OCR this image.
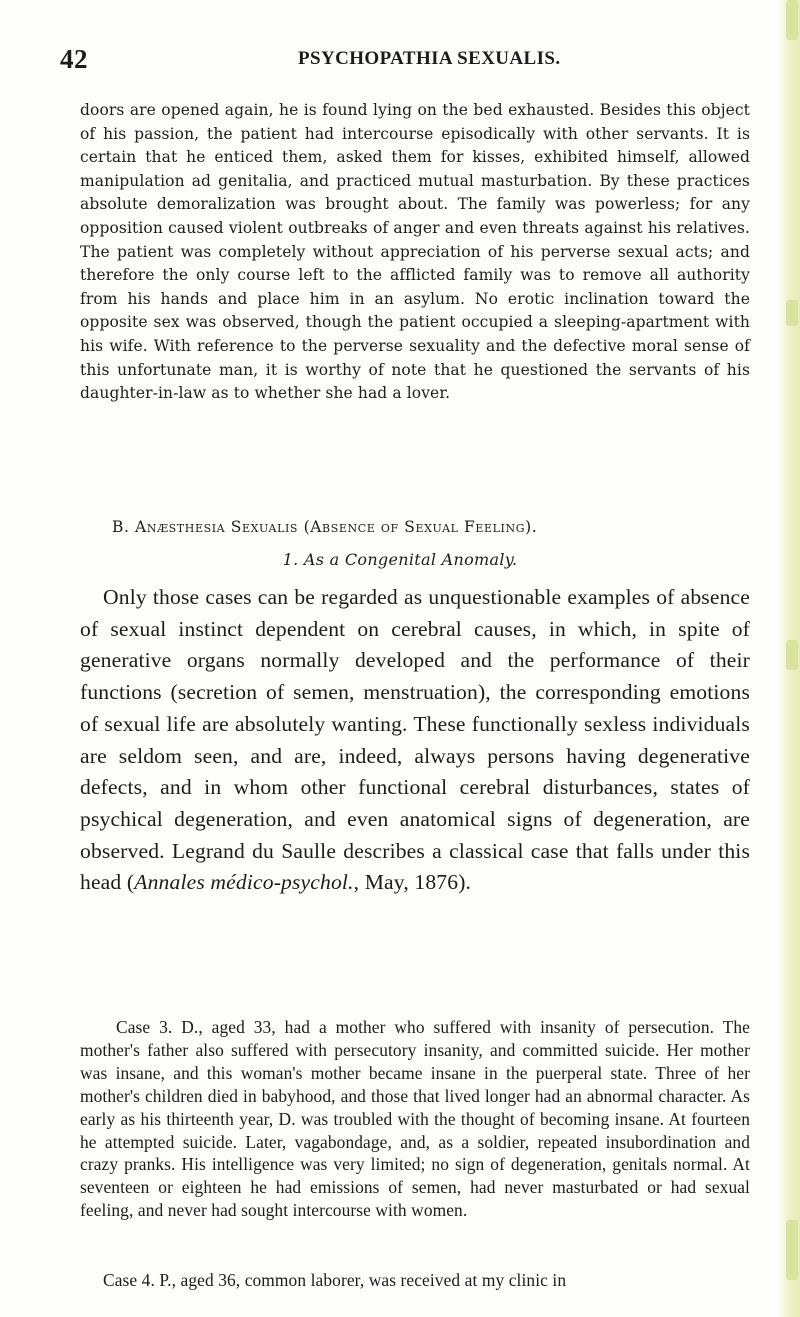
42	PSYCHOPATHIA SEXUALIS.
doors are opened again, he is found lying on the bed exhausted. Besides this object of his passion, the patient had intercourse episodically with other servants. It is certain that he enticed them, asked them for kisses, exhibited himself, allowed manipulation ad genitalia, and practiced mutual masturbation. By these practices absolute demoralization was brought about. The family was powerless; for any opposition caused violent outbreaks of anger and even threats against his relatives. The patient was completely without appreciation of his perverse sexual acts; and therefore the only course left to the afflicted family was to remove all authority from his hands and place him in an asylum. No erotic inclination toward the opposite sex was observed, though the patient occupied a sleeping-apartment with his wife. With reference to the perverse sexuality and the defective moral sense of this unfortunate man, it is worthy of note that he questioned the servants of his daughter-in-law as to whether she had a lover.
B. Anæsthesia Sexualis (Absence of Sexual Feeling).
1. As a Congenital Anomaly.
Only those cases can be regarded as unquestionable examples of absence of sexual instinct dependent on cerebral causes, in which, in spite of generative organs normally developed and the performance of their functions (secretion of semen, menstruation), the corresponding emotions of sexual life are absolutely wanting. These functionally sexless individuals are seldom seen, and are, indeed, always persons having degenerative defects, and in whom other functional cerebral disturbances, states of psychical degeneration, and even anatomical signs of degeneration, are observed. Legrand du Saulle describes a classical case that falls under this head (Annales médico-psychol., May, 1876).
Case 3. D., aged 33, had a mother who suffered with insanity of persecution. The mother's father also suffered with persecutory insanity, and committed suicide. Her mother was insane, and this woman's mother became insane in the puerperal state. Three of her mother's children died in babyhood, and those that lived longer had an abnormal character. As early as his thirteenth year, D. was troubled with the thought of becoming insane. At fourteen he attempted suicide. Later, vagabondage, and, as a soldier, repeated insubordination and crazy pranks. His intelligence was very limited; no sign of degeneration, genitals normal. At seventeen or eighteen he had emissions of semen, had never masturbated or had sexual feeling, and never had sought intercourse with women.
Case 4. P., aged 36, common laborer, was received at my clinic in
